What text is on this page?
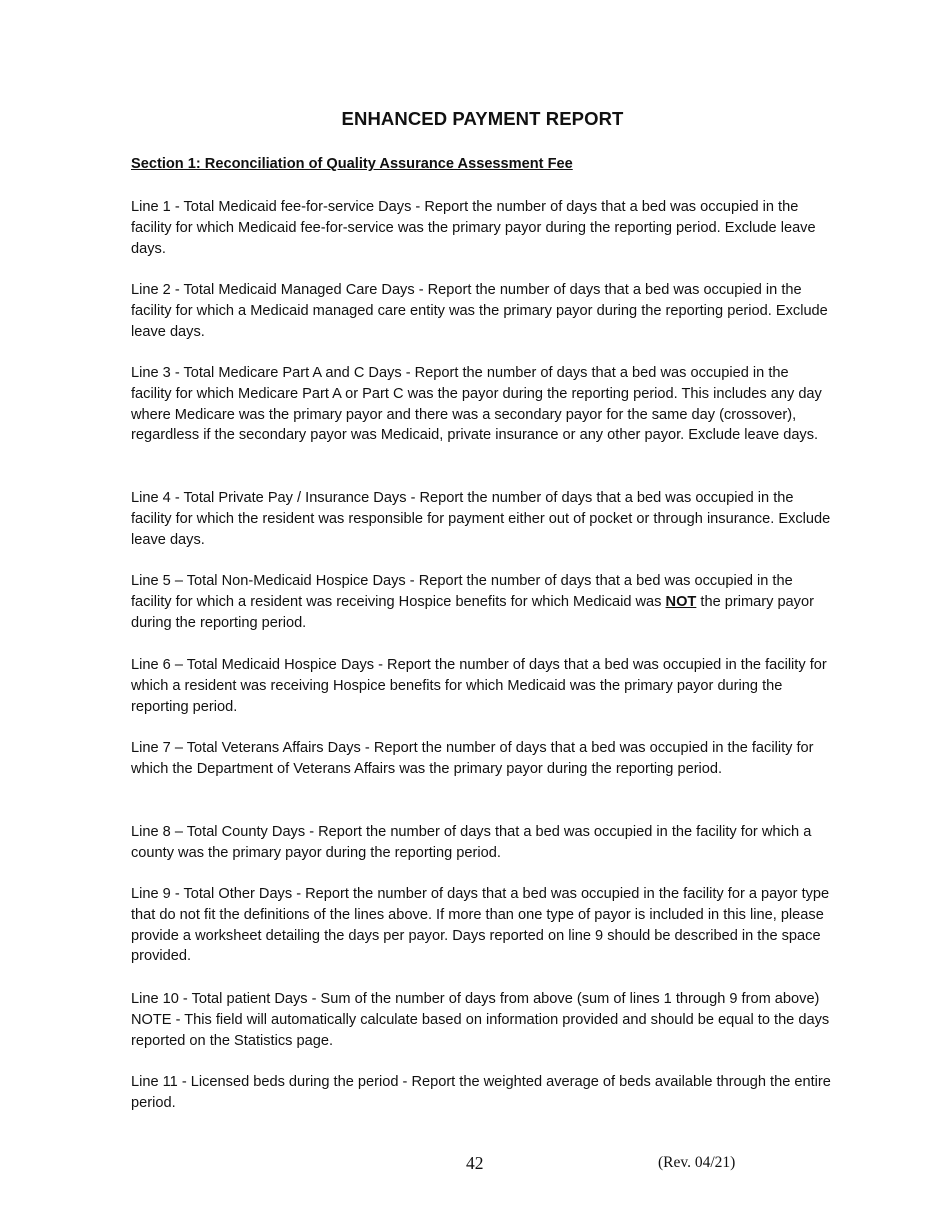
ENHANCED PAYMENT REPORT
Section 1: Reconciliation of Quality Assurance Assessment Fee

Line 1 - Total Medicaid fee-for-service Days - Report the number of days that a bed was occupied in the facility for which Medicaid fee-for-service was the primary payor during the reporting period. Exclude leave days.

Line 2 - Total Medicaid Managed Care Days - Report the number of days that a bed was occupied in the facility for which a Medicaid managed care entity was the primary payor during the reporting period. Exclude leave days.

Line 3 - Total Medicare Part A and C Days - Report the number of days that a bed was occupied in the facility for which Medicare Part A or Part C was the payor during the reporting period. This includes any day where Medicare was the primary payor and there was a secondary payor for the same day (crossover), regardless if the secondary payor was Medicaid, private insurance or any other payor. Exclude leave days.

Line 4 - Total Private Pay / Insurance Days - Report the number of days that a bed was occupied in the facility for which the resident was responsible for payment either out of pocket or through insurance. Exclude leave days.

Line 5 – Total Non-Medicaid Hospice Days - Report the number of days that a bed was occupied in the facility for which a resident was receiving Hospice benefits for which Medicaid was NOT the primary payor during the reporting period.

Line 6 – Total Medicaid Hospice Days - Report the number of days that a bed was occupied in the facility for which a resident was receiving Hospice benefits for which Medicaid was the primary payor during the reporting period.

Line 7 – Total Veterans Affairs Days - Report the number of days that a bed was occupied in the facility for which the Department of Veterans Affairs was the primary payor during the reporting period.

Line 8 – Total County Days - Report the number of days that a bed was occupied in the facility for which a county was the primary payor during the reporting period.

Line 9 - Total Other Days - Report the number of days that a bed was occupied in the facility for a payor type that do not fit the definitions of the lines above. If more than one type of payor is included in this line, please provide a worksheet detailing the days per payor. Days reported on line 9 should be described in the space provided.

Line 10 - Total patient Days - Sum of the number of days from above (sum of lines 1 through 9 from above) NOTE - This field will automatically calculate based on information provided and should be equal to the days reported on the Statistics page.

Line 11 - Licensed beds during the period - Report the weighted average of beds available through the entire period.

42	(Rev. 04/21)
